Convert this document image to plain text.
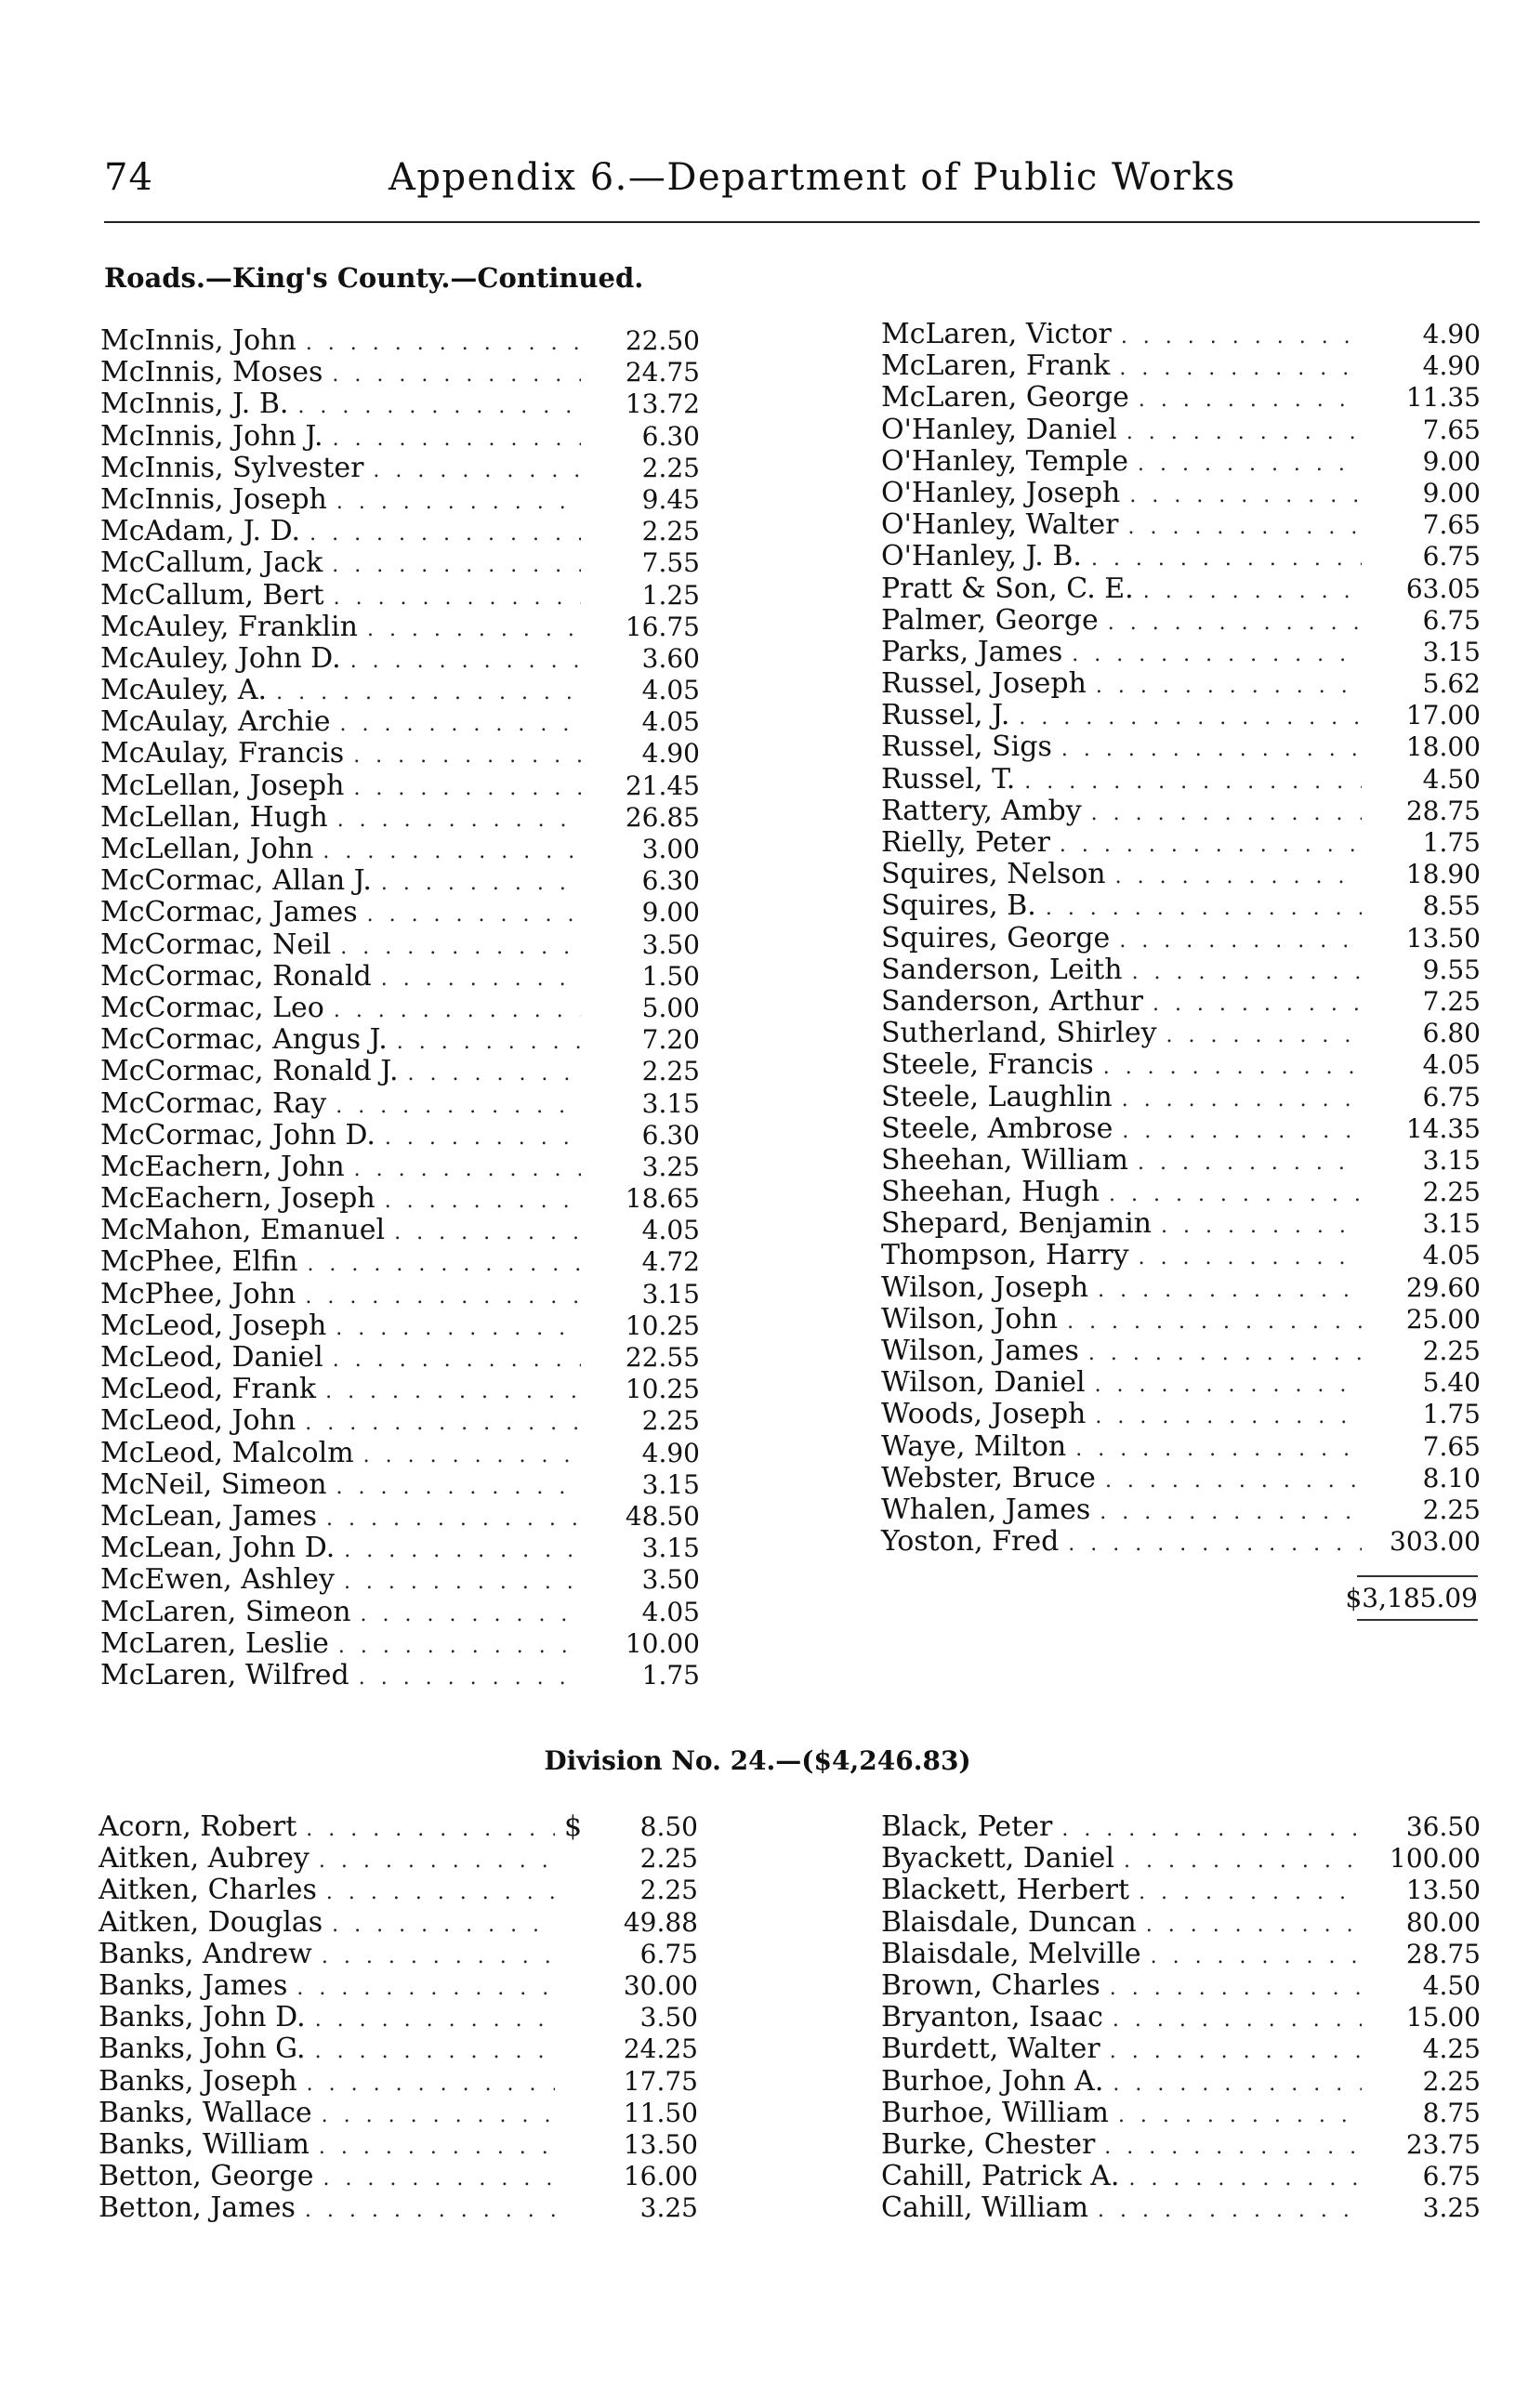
74	Appendix 6.—Department of Public Works
Roads.—King's County.—Continued.
McInnis, John . . .	22.50
McInnis, Moses . . .	24.75
McInnis, J. B. . . .	13.72
McInnis, John J. . . .	6.30
McInnis, Sylvester . . .	2.25
McInnis, Joseph . . .	9.45
McAdam, J. D. . . .	2.25
McCallum, Jack . . .	7.55
McCallum, Bert . . .	1.25
McAuley, Franklin . . .	16.75
McAuley, John D. . . .	3.60
McAuley, A. . . .	4.05
McAulay, Archie . . .	4.05
McAulay, Francis . . .	4.90
McLellan, Joseph . . .	21.45
McLellan, Hugh . . .	26.85
McLellan, John . . .	3.00
McCormac, Allan J. . . .	6.30
McCormac, James . . .	9.00
McCormac, Neil . . .	3.50
McCormac, Ronald . . .	1.50
McCormac, Leo . . .	5.00
McCormac, Angus J. . . .	7.20
McCormac, Ronald J. . . .	2.25
McCormac, Ray . . .	3.15
McCormac, John D. . . .	6.30
McEachern, John . . .	3.25
McEachern, Joseph . . .	18.65
McMahon, Emanuel . . .	4.05
McPhee, Elfin . . .	4.72
McPhee, John . . .	3.15
McLeod, Joseph . . .	10.25
McLeod, Daniel . . .	22.55
McLeod, Frank . . .	10.25
McLeod, John . . .	2.25
McLeod, Malcolm . . .	4.90
McNeil, Simeon . . .	3.15
McLean, James . . .	48.50
McLean, John D. . . .	3.15
McEwen, Ashley . . .	3.50
McLaren, Simeon . . .	4.05
McLaren, Leslie . . .	10.00
McLaren, Wilfred . . .	1.75
McLaren, Victor . . .	4.90
McLaren, Frank . . .	4.90
McLaren, George . . .	11.35
O'Hanley, Daniel . . .	7.65
O'Hanley, Temple . . .	9.00
O'Hanley, Joseph . . .	9.00
O'Hanley, Walter . . .	7.65
O'Hanley, J. B. . . .	6.75
Pratt & Son, C. E. . . .	63.05
Palmer, George . . .	6.75
Parks, James . . .	3.15
Russel, Joseph . . .	5.62
Russel, J. . . .	17.00
Russel, Sigs . . .	18.00
Russel, T. . . .	4.50
Rattery, Amby . . .	28.75
Rielly, Peter . . .	1.75
Squires, Nelson . . .	18.90
Squires, B. . . .	8.55
Squires, George . . .	13.50
Sanderson, Leith . . .	9.55
Sanderson, Arthur . . .	7.25
Sutherland, Shirley . . .	6.80
Steele, Francis . . .	4.05
Steele, Laughlin . . .	6.75
Steele, Ambrose . . .	14.35
Sheehan, William . . .	3.15
Sheehan, Hugh . . .	2.25
Shepard, Benjamin . . .	3.15
Thompson, Harry . . .	4.05
Wilson, Joseph . . .	29.60
Wilson, John . . .	25.00
Wilson, James . . .	2.25
Wilson, Daniel . . .	5.40
Woods, Joseph . . .	1.75
Waye, Milton . . .	7.65
Webster, Bruce . . .	8.10
Whalen, James . . .	2.25
Yoston, Fred . . .	303.00
$3,185.09
Division No. 24.—($4,246.83)
Acorn, Robert . . .	$	8.50
Aitken, Aubrey . . .	2.25
Aitken, Charles . . .	2.25
Aitken, Douglas . . .	49.88
Banks, Andrew . . .	6.75
Banks, James . . .	30.00
Banks, John D. . . .	3.50
Banks, John G. . . .	24.25
Banks, Joseph . . .	17.75
Banks, Wallace . . .	11.50
Banks, William . . .	13.50
Betton, George . . .	16.00
Betton, James . . .	3.25
Black, Peter . . .	36.50
Byackett, Daniel . . .	100.00
Blackett, Herbert . . .	13.50
Blaisdale, Duncan . . .	80.00
Blaisdale, Melville . . .	28.75
Brown, Charles . . .	4.50
Bryanton, Isaac . . .	15.00
Burdett, Walter . . .	4.25
Burhoe, John A. . . .	2.25
Burhoe, William . . .	8.75
Burke, Chester . . .	23.75
Cahill, Patrick A. . . .	6.75
Cahill, William . . .	3.25
